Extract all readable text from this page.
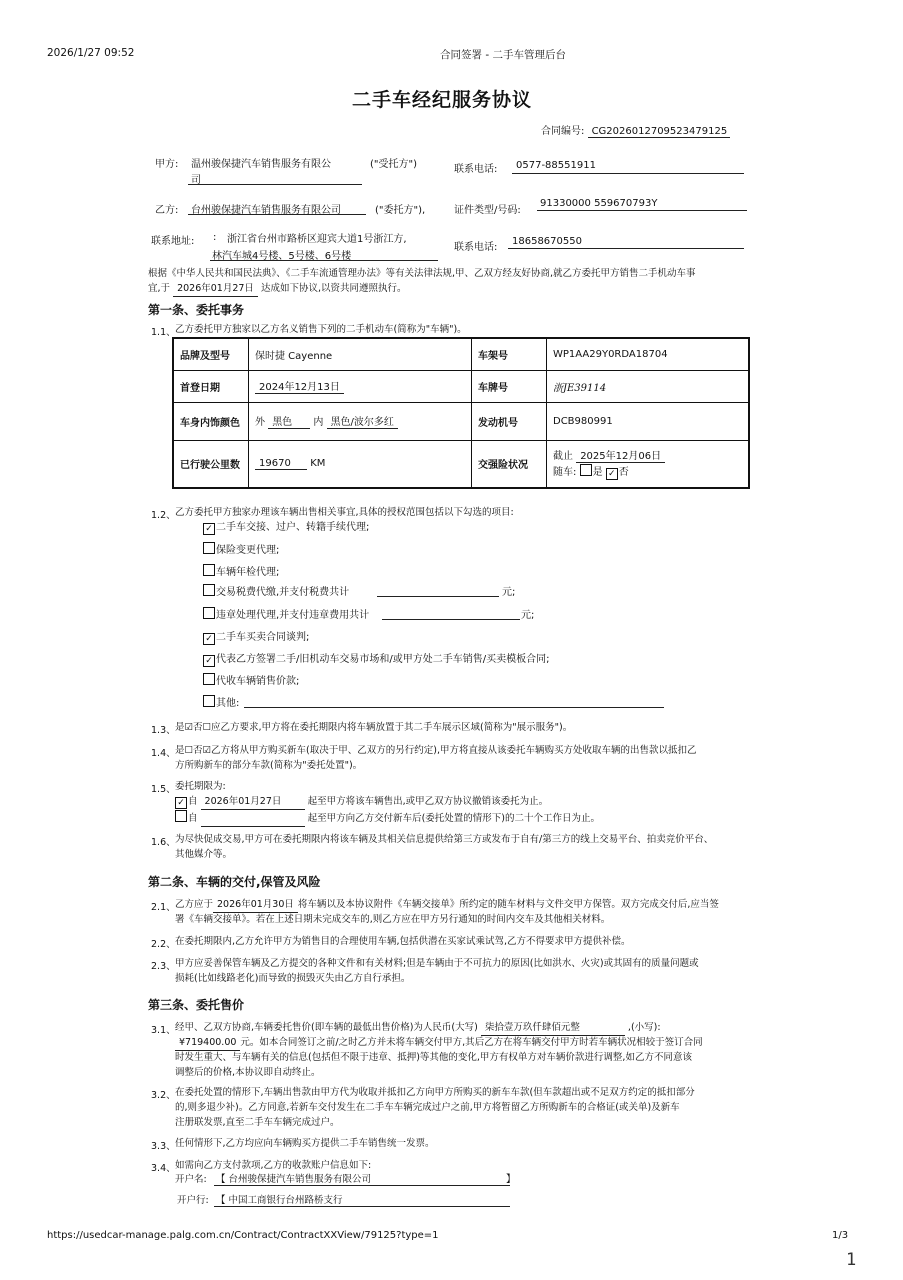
2026/1/27 09:52	合同签署 - 二手车管理后台
二手车经纪服务协议
合同编号: CG2026012709523479125
甲方: 温州骏保捷汽车销售服务有限公
司
("受托方")	联系电话: 0577-88551911
乙方: 台州骏保捷汽车销售服务有限公司	("委托方"),	证件类型/号码:
91330000 559670793Y
联系地址: : 浙江省台州市路桥区迎宾大道1号浙江方,
林汽车城4号楼、5号楼、6号楼
联系电话:
18658670550
根据《中华人民共和国民法典》、《二手车流通管理办法》等有关法律法规,甲、乙双方经友好协商,就乙方委托甲方销售二手机动车事
宜,于 2026年01月27日 达成如下协议,以资共同遵照执行。
第一条、委托事务
1.1、 乙方委托甲方独家以乙方名义销售下列的二手机动车(简称为"车辆")。
品牌及型号	保时捷 Cayenne	车架号	WP1AA29Y0RDA18704
首登日期	2024年12月13日	车牌号	浙JE39114
车身内饰颜色	外 黑色 内 黑色/波尔多红	发动机号	DCB980991
已行驶公里数	19670 KM	交强险状况	截止 2025年12月06日
随车: 是 ✓ 否
1.2、 乙方委托甲方独家办理该车辆出售相关事宜,具体的授权范围包括以下勾选的项目:
✓ 二手车交接、过户、转籍手续代理;
保险变更代理;
车辆年检代理;
交易税费代缴,并支付税费共计	元;
违章处理代理,并支付违章费用共计	元;
✓ 二手车买卖合同谈判;
✓ 代表乙方签署二手/旧机动车交易市场和/或甲方处二手车销售/买卖模板合同;
代收车辆销售价款;
其他:
1.3、 是☑否☐应乙方要求,甲方将在委托期限内将车辆放置于其二手车展示区域(简称为"展示服务")。
1.4、 是☐否☑乙方将从甲方购买新车(取决于甲、乙双方的另行约定),甲方将直接从该委托车辆购买方处收取车辆的出售款以抵扣乙
方所购新车的部分车款(简称为"委托处置")。
1.5、 委托期限为:
✓ 自 2026年01月27日	起至甲方将该车辆售出,或甲乙双方协议撤销该委托为止。
自	起至甲方向乙方交付新车后(委托处置的情形下)的二十个工作日为止。
1.6、 为尽快促成交易,甲方可在委托期限内将该车辆及其相关信息提供给第三方或发布于自有/第三方的线上交易平台、拍卖竞价平台、
其他媒介等。
第二条、车辆的交付,保管及风险
2.1、 乙方应于 2026年01月30日 将车辆以及本协议附件《车辆交接单》所约定的随车材料与文件交甲方保管。双方完成交付后,应当签
署《车辆交接单》。若在上述日期未完成交车的,则乙方应在甲方另行通知的时间内交车及其他相关材料。
2.2、 在委托期限内,乙方允许甲方为销售目的合理使用车辆,包括供潜在买家试乘试驾,乙方不得要求甲方提供补偿。
2.3、 甲方应妥善保管车辆及乙方提交的各种文件和有关材料;但是车辆由于不可抗力的原因(比如洪水、火灾)或其固有的质量问题或
损耗(比如线路老化)而导致的损毁灭失由乙方自行承担。
第三条、委托售价
3.1、 经甲、乙双方协商,车辆委托售价(即车辆的最低出售价格)为人民币(大写) 柒拾壹万玖仟肆佰元整	,(小写):
¥719400.00 元。如本合同签订之前/之时乙方并未将车辆交付甲方,其后乙方在将车辆交付甲方时若车辆状况相较于签订合同
时发生重大、与车辆有关的信息(包括但不限于违章、抵押)等其他的变化,甲方有权单方对车辆价款进行调整,如乙方不同意该
调整后的价格,本协议即自动终止。
3.2、 在委托处置的情形下,车辆出售款由甲方代为收取并抵扣乙方向甲方所购买的新车车款(但车款超出或不足双方约定的抵扣部分
的,则多退少补)。乙方同意,若新车交付发生在二手车车辆完成过户之前,甲方将暂留乙方所购新车的合格证(或关单)及新车
注册联发票,直至二手车车辆完成过户。
3.3、 任何情形下,乙方均应向车辆购买方提供二手车销售统一发票。
3.4、 如需向乙方支付款项,乙方的收款账户信息如下:
开户名: 【 台州骏保捷汽车销售服务有限公司	】
开户行: 【 中国工商银行台州路桥支行
https://usedcar-manage.palg.com.cn/Contract/ContractXXView/79125?type=1	1/3
1
